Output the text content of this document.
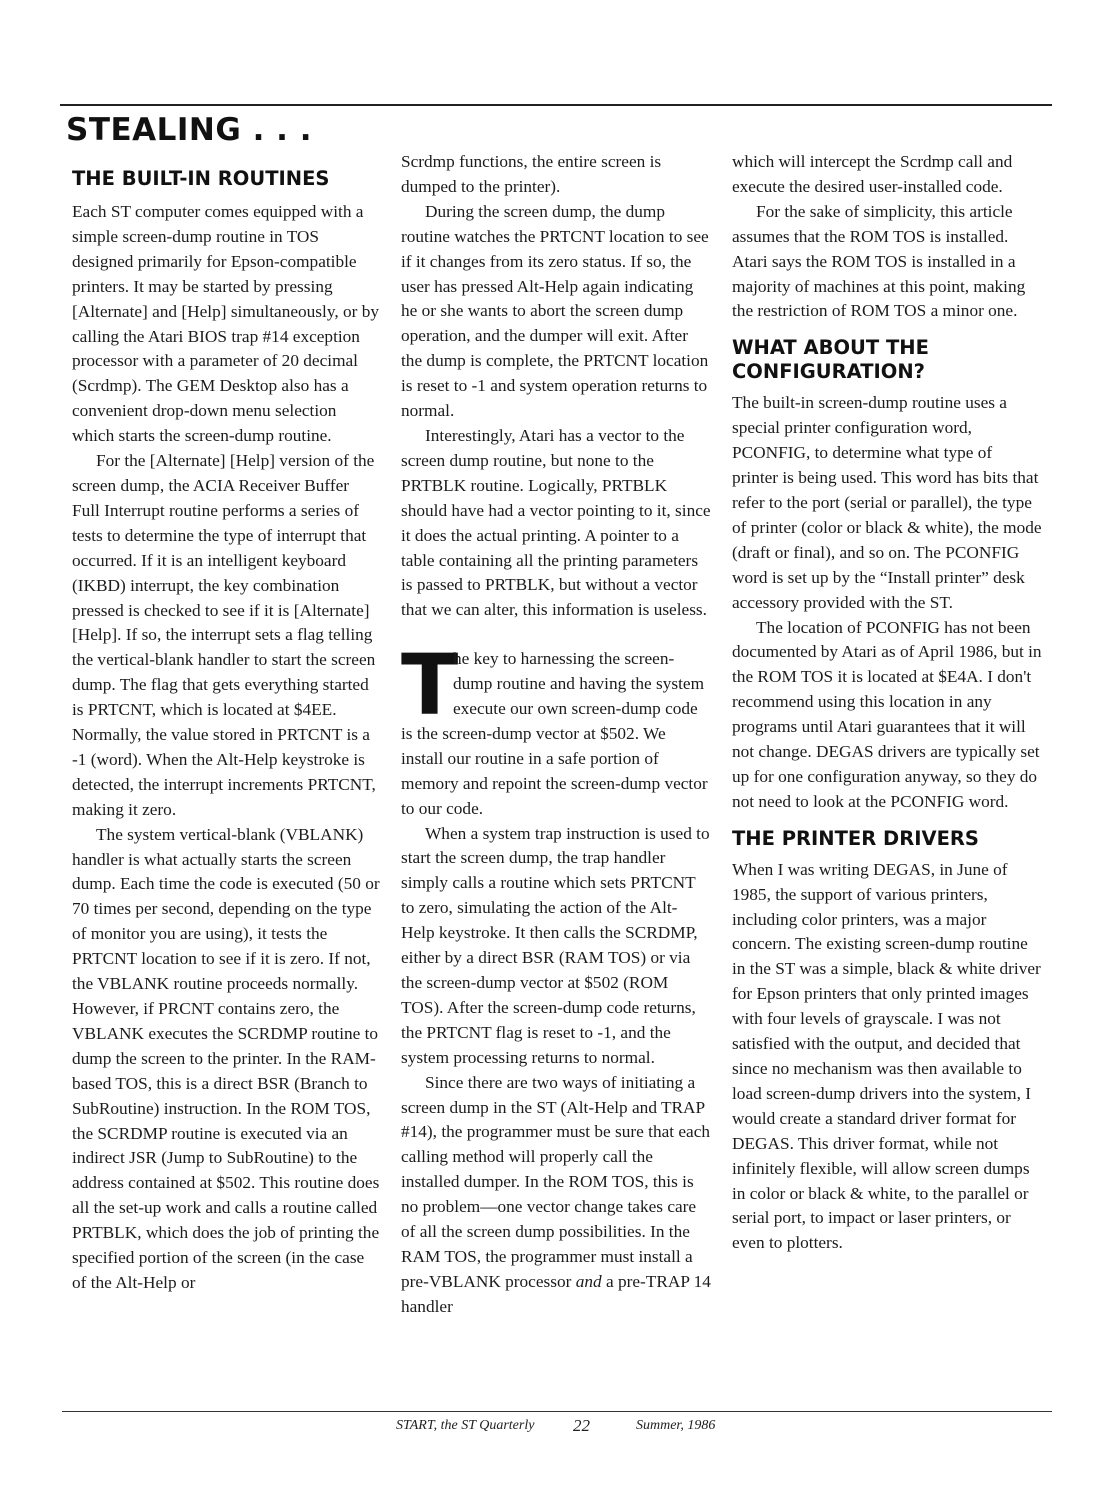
STEALING . . .
THE BUILT-IN ROUTINES

Each ST computer comes equipped with a simple screen-dump routine in TOS designed primarily for Epson-compatible printers. It may be started by pressing [Alternate] and [Help] simultaneously, or by calling the Atari BIOS trap #14 exception processor with a parameter of 20 decimal (Scrdmp). The GEM Desktop also has a convenient drop-down menu selection which starts the screen-dump routine.

For the [Alternate] [Help] version of the screen dump, the ACIA Receiver Buffer Full Interrupt routine performs a series of tests to determine the type of interrupt that occurred. If it is an intelligent keyboard (IKBD) interrupt, the key combination pressed is checked to see if it is [Alternate] [Help]. If so, the interrupt sets a flag telling the vertical-blank handler to start the screen dump. The flag that gets everything started is PRTCNT, which is located at $4EE. Normally, the value stored in PRTCNT is a -1 (word). When the Alt-Help keystroke is detected, the interrupt increments PRTCNT, making it zero.

The system vertical-blank (VBLANK) handler is what actually starts the screen dump. Each time the code is executed (50 or 70 times per second, depending on the type of monitor you are using), it tests the PRTCNT location to see if it is zero. If not, the VBLANK routine proceeds normally. However, if PRCNT contains zero, the VBLANK executes the SCRDMP routine to dump the screen to the printer. In the RAM-based TOS, this is a direct BSR (Branch to SubRoutine) instruction. In the ROM TOS, the SCRDMP routine is executed via an indirect JSR (Jump to SubRoutine) to the address contained at $502. This routine does all the set-up work and calls a routine called PRTBLK, which does the job of printing the specified portion of the screen (in the case of the Alt-Help or

Scrdmp functions, the entire screen is dumped to the printer).

During the screen dump, the dump routine watches the PRTCNT location to see if it changes from its zero status. If so, the user has pressed Alt-Help again indicating he or she wants to abort the screen dump operation, and the dumper will exit. After the dump is complete, the PRTCNT location is reset to -1 and system operation returns to normal.

Interestingly, Atari has a vector to the screen dump routine, but none to the PRTBLK routine. Logically, PRTBLK should have had a vector pointing to it, since it does the actual printing. A pointer to a table containing all the printing parameters is passed to PRTBLK, but without a vector that we can alter, this information is useless.

T
he key to harnessing the screen-dump routine and having the system execute our own screen-dump code is the screen-dump vector at $502. We install our routine in a safe portion of memory and repoint the screen-dump vector to our code.

When a system trap instruction is used to start the screen dump, the trap handler simply calls a routine which sets PRTCNT to zero, simulating the action of the Alt-Help keystroke. It then calls the SCRDMP, either by a direct BSR (RAM TOS) or via the screen-dump vector at $502 (ROM TOS). After the screen-dump code returns, the PRTCNT flag is reset to -1, and the system processing returns to normal.

Since there are two ways of initiating a screen dump in the ST (Alt-Help and TRAP #14), the programmer must be sure that each calling method will properly call the installed dumper. In the ROM TOS, this is no problem—one vector change takes care of all the screen dump possibilities. In the RAM TOS, the programmer must install a pre-VBLANK processor and a pre-TRAP 14 handler

which will intercept the Scrdmp call and execute the desired user-installed code.

For the sake of simplicity, this article assumes that the ROM TOS is installed. Atari says the ROM TOS is installed in a majority of machines at this point, making the restriction of ROM TOS a minor one.

WHAT ABOUT THE CONFIGURATION?

The built-in screen-dump routine uses a special printer configuration word, PCONFIG, to determine what type of printer is being used. This word has bits that refer to the port (serial or parallel), the type of printer (color or black & white), the mode (draft or final), and so on. The PCONFIG word is set up by the “Install printer” desk accessory provided with the ST.

The location of PCONFIG has not been documented by Atari as of April 1986, but in the ROM TOS it is located at $E4A. I don't recommend using this location in any programs until Atari guarantees that it will not change. DEGAS drivers are typically set up for one configuration anyway, so they do not need to look at the PCONFIG word.

THE PRINTER DRIVERS

When I was writing DEGAS, in June of 1985, the support of various printers, including color printers, was a major concern. The existing screen-dump routine in the ST was a simple, black & white driver for Epson printers that only printed images with four levels of grayscale. I was not satisfied with the output, and decided that since no mechanism was then available to load screen-dump drivers into the system, I would create a standard driver format for DEGAS. This driver format, while not infinitely flexible, will allow screen dumps in color or black & white, to the parallel or serial port, to impact or laser printers, or even to plotters.

START, the ST Quarterly 22	Summer, 1986
